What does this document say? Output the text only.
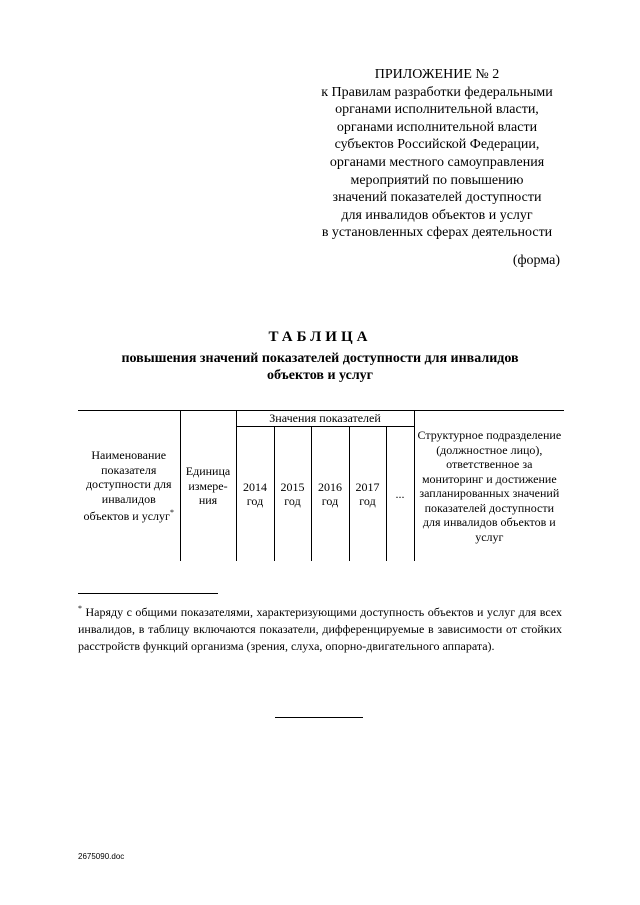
ПРИЛОЖЕНИЕ № 2
к Правилам разработки федеральными
органами исполнительной власти,
органами исполнительной власти
субъектов Российской Федерации,
органами местного самоуправления
мероприятий по повышению
значений показателей доступности
для инвалидов объектов и услуг
в установленных сферах деятельности
(форма)
ТАБЛИЦА
повышения значений показателей доступности для инвалидов объектов и услуг
Наименование показателя доступности для инвалидов объектов и услуг*	Единица измере-ния	Значения показателей					Структурное подразделение (должностное лицо), ответственное за мониторинг и достижение запланированных значений показателей доступности для инвалидов объектов и услуг
		2014 год	2015 год	2016 год	2017 год	...	
* Наряду с общими показателями, характеризующими доступность объектов и услуг для всех инвалидов, в таблицу включаются показатели, дифференцируемые в зависимости от стойких расстройств функций организма (зрения, слуха, опорно-двигательного аппарата).
2675090.doc
